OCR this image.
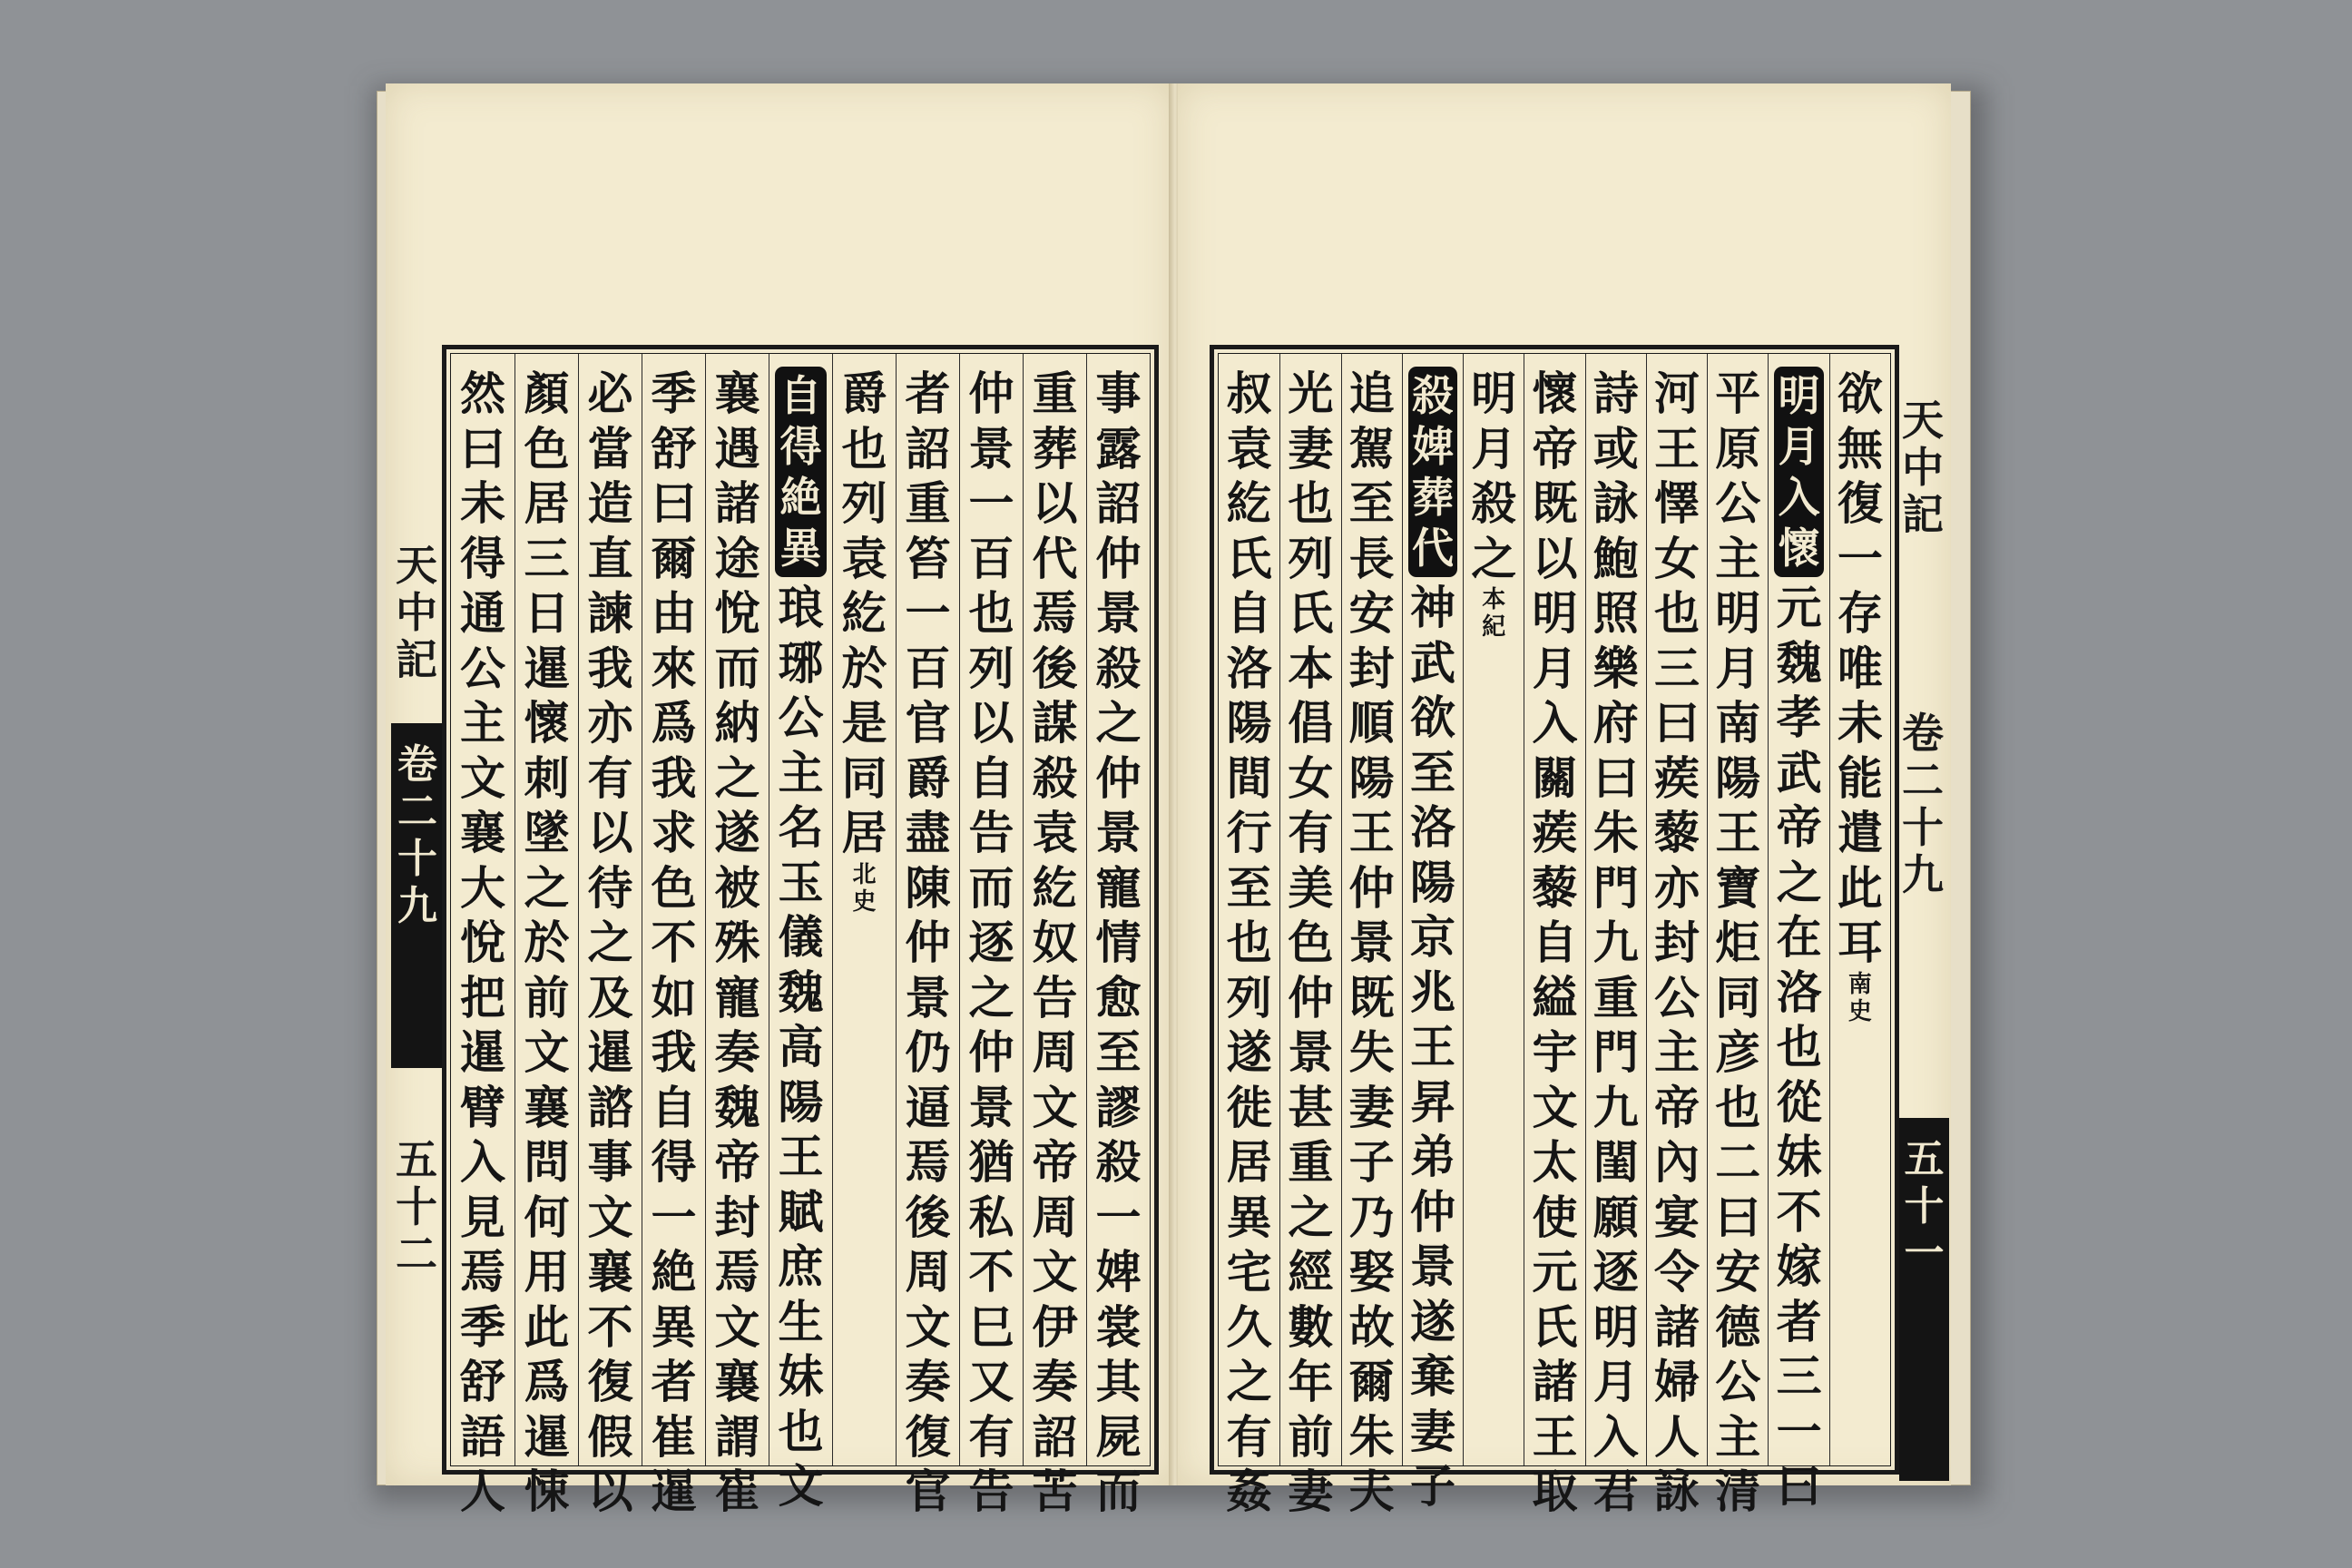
天中記
卷二十九
五十二
事露詔仲景殺之仲景寵情愈至謬殺一婢裳其屍而
重葬以代焉後謀殺袁紇奴告周文帝周文伊奏詔苦
仲景一百也列以自告而逐之仲景猶私不巳又有告
者詔重笞一百官爵盡陳仲景仍逼焉後周文奏復官
爵也列袁紇於是同居北史
自得絶異
琅琊公主名玉儀魏高陽王賦庶生妹也文
襄遇諸途悅而納之遂被殊寵奏魏帝封焉文襄謂崔
季舒曰爾由來爲我求色不如我自得一絶異者崔暹
必當造直諫我亦有以待之及暹諮事文襄不復假以
顏色居三日暹懷刺墜之於前文襄問何用此爲暹悚
然曰未得通公主文襄大悅把暹臂入見焉季舒語人
欲無復一存唯未能遣此耳南史
明月入懷
元魏孝武帝之在洛也從妹不嫁者三一曰
平原公主明月南陽王寶炬同彦也二曰安德公主清
河王懌女也三曰蒺藜亦封公主帝內宴令諸婦人詠
詩或詠鮑照樂府曰朱門九重門九閨願逐明月入君
懷帝既以明月入關蒺藜自縊宇文太使元氏諸王取
明月殺之本紀
殺婢葬代
神武欲至洛陽京兆王昇弟仲景遂棄妻子
追駕至長安封順陽王仲景既失妻子乃娶故爾朱夫
光妻也列氏本倡女有美色仲景甚重之經數年前妻
叔袁紇氏自洛陽間行至也列遂徙居異宅久之有姦
天中記
卷二十九
五十一
